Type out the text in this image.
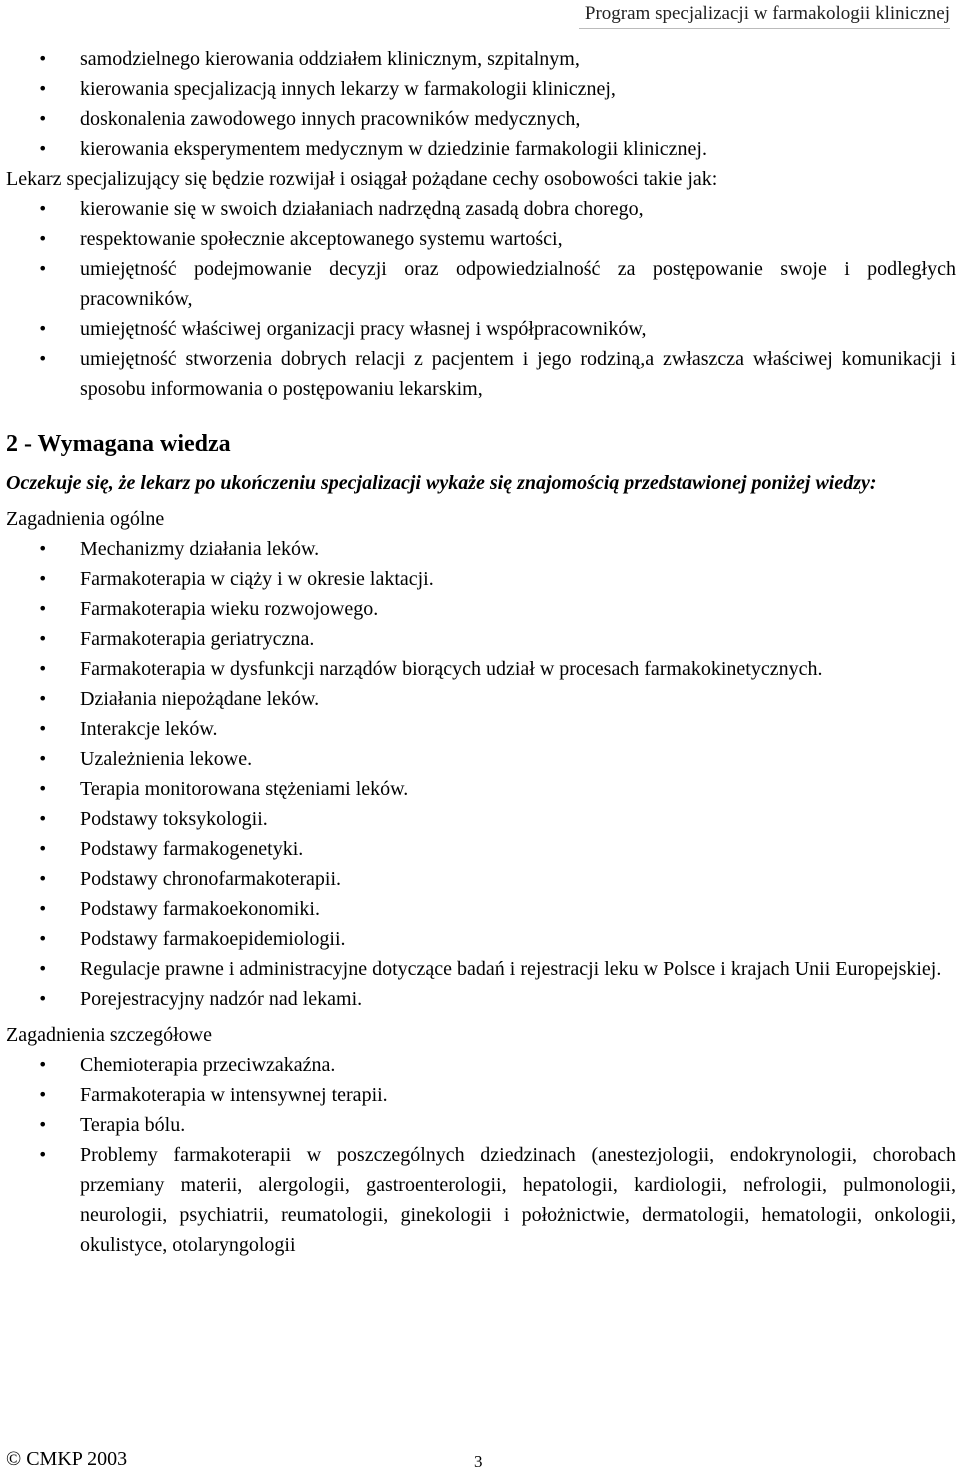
Program specjalizacji w farmakologii klinicznej
• samodzielnego kierowania oddziałem klinicznym, szpitalnym,
• kierowania specjalizacją innych lekarzy w farmakologii klinicznej,
• doskonalenia zawodowego innych pracowników medycznych,
• kierowania eksperymentem medycznym w dziedzinie farmakologii klinicznej.

Lekarz specjalizujący się będzie rozwijał i osiągał pożądane cechy osobowości takie jak:

• kierowanie się w swoich działaniach nadrzędną zasadą dobra chorego,
• respektowanie społecznie akceptowanego systemu wartości,
• umiejętność podejmowanie decyzji oraz odpowiedzialność za postępowanie swoje i podległych pracowników,
• umiejętność właściwej organizacji pracy własnej i współpracowników,
• umiejętność stworzenia dobrych relacji z pacjentem i jego rodziną,a zwłaszcza właściwej komunikacji i sposobu informowania o postępowaniu lekarskim,
2 - Wymagana wiedza

Oczekuje się, że lekarz po ukończeniu specjalizacji wykaże się znajomością przedstawionej poniżej wiedzy:

Zagadnienia ogólne
• Mechanizmy działania leków.
• Farmakoterapia w ciąży i w okresie laktacji.
• Farmakoterapia wieku rozwojowego.
• Farmakoterapia geriatryczna.
• Farmakoterapia w dysfunkcji narządów biorących udział w procesach farmakokinetycznych.
• Działania niepożądane leków.
• Interakcje leków.
• Uzależnienia lekowe.
• Terapia monitorowana stężeniami leków.
• Podstawy toksykologii.
• Podstawy farmakogenetyki.
• Podstawy chronofarmakoterapii.
• Podstawy farmakoekonomiki.
• Podstawy farmakoepidemiologii.
• Regulacje prawne i administracyjne dotyczące badań i rejestracji leku w Polsce i krajach Unii Europejskiej.
• Porejestracyjny nadzór nad lekami.
Zagadnienia szczegółowe
• Chemioterapia przeciwzakaźna.
• Farmakoterapia w intensywnej terapii.
• Terapia bólu.
• Problemy farmakoterapii w poszczególnych dziedzinach (anestezjologii, endokrynologii, chorobach przemiany materii, alergologii, gastroenterologii, hepatologii, kardiologii, nefrologii, pulmonologii, neurologii, psychiatrii, reumatologii, ginekologii i położnictwie, dermatologii, hematologii, onkologii, okulistyce, otolaryngologii
© CMKP 2003	3
